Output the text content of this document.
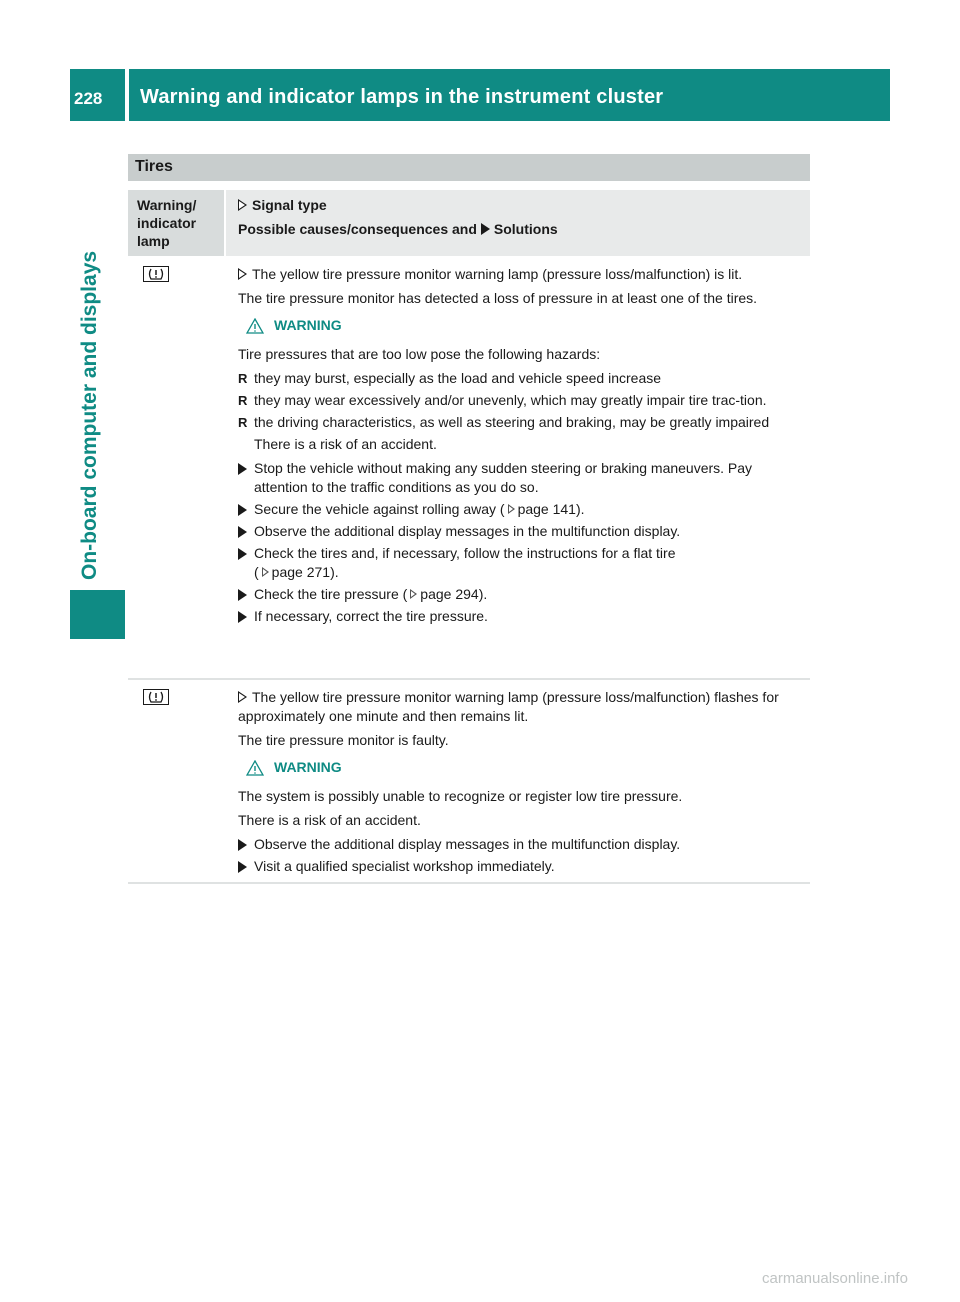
228 Warning and indicator lamps in the instrument cluster
On-board computer and displays
Tires
Warning/
indicator
lamp
Signal type
Possible causes/consequences and Solutions

The yellow tire pressure monitor warning lamp (pressure loss/malfunction) is lit.

The tire pressure monitor has detected a loss of pressure in at least one of the tires.

WARNING

Tire pressures that are too low pose the following hazards:

R they may burst, especially as the load and vehicle speed increase
R they may wear excessively and/or unevenly, which may greatly impair tire trac-tion.
R the driving characteristics, as well as steering and braking, may be greatly impaired

There is a risk of an accident.

Stop the vehicle without making any sudden steering or braking maneuvers. Pay attention to the traffic conditions as you do so.
Secure the vehicle against rolling away ( page 141).
Observe the additional display messages in the multifunction display.
Check the tires and, if necessary, follow the instructions for a flat tire
( page 271).
Check the tire pressure ( page 294).
If necessary, correct the tire pressure.

The yellow tire pressure monitor warning lamp (pressure loss/malfunction) flashes for approximately one minute and then remains lit.

The tire pressure monitor is faulty.

WARNING

The system is possibly unable to recognize or register low tire pressure.

There is a risk of an accident.

Observe the additional display messages in the multifunction display.
Visit a qualified specialist workshop immediately.
carmanualsonline.info
